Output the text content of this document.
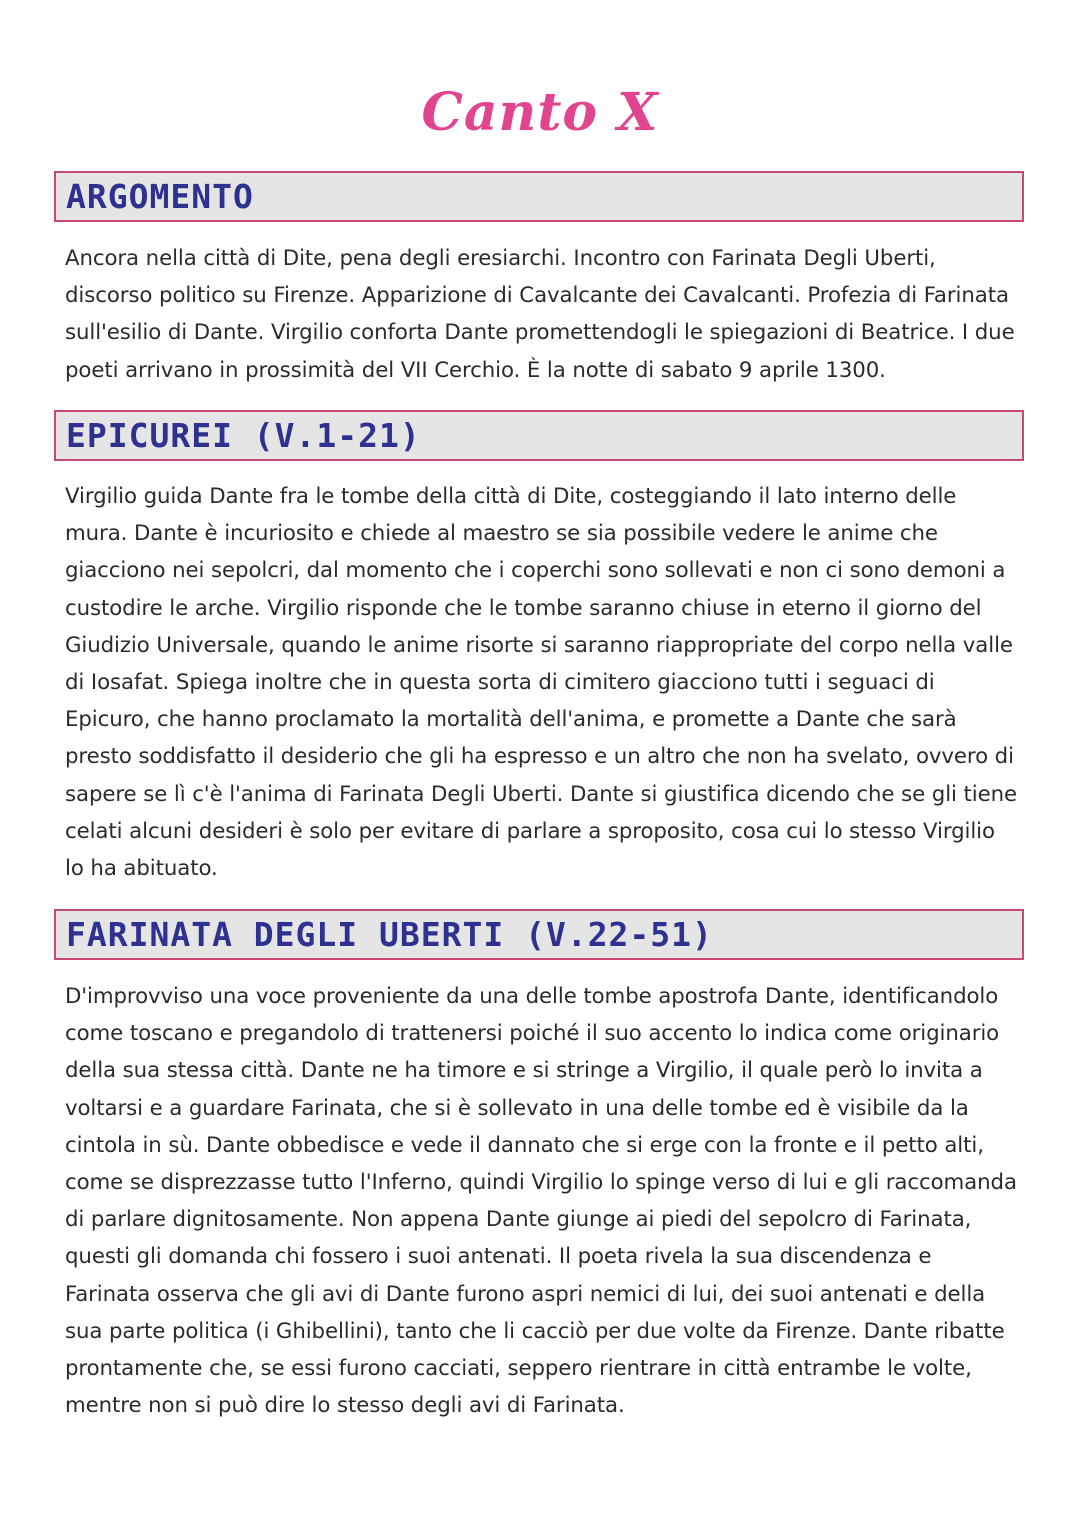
Canto X
ARGOMENTO

Ancora nella città di Dite, pena degli eresiarchi. Incontro con Farinata Degli Uberti, discorso politico su Firenze. Apparizione di Cavalcante dei Cavalcanti. Profezia di Farinata sull'esilio di Dante. Virgilio conforta Dante promettendogli le spiegazioni di Beatrice. I due poeti arrivano in prossimità del VII Cerchio. È la notte di sabato 9 aprile 1300.

EPICUREI (V.1-21)

Virgilio guida Dante fra le tombe della città di Dite, costeggiando il lato interno delle mura. Dante è incuriosito e chiede al maestro se sia possibile vedere le anime che giacciono nei sepolcri, dal momento che i coperchi sono sollevati e non ci sono demoni a custodire le arche. Virgilio risponde che le tombe saranno chiuse in eterno il giorno del Giudizio Universale, quando le anime risorte si saranno riappropriate del corpo nella valle di Iosafat. Spiega inoltre che in questa sorta di cimitero giacciono tutti i seguaci di Epicuro, che hanno proclamato la mortalità dell'anima, e promette a Dante che sarà presto soddisfatto il desiderio che gli ha espresso e un altro che non ha svelato, ovvero di sapere se lì c'è l'anima di Farinata Degli Uberti. Dante si giustifica dicendo che se gli tiene celati alcuni desideri è solo per evitare di parlare a sproposito, cosa cui lo stesso Virgilio lo ha abituato.

FARINATA DEGLI UBERTI (V.22-51)

D'improvviso una voce proveniente da una delle tombe apostrofa Dante, identificandolo come toscano e pregandolo di trattenersi poiché il suo accento lo indica come originario della sua stessa città. Dante ne ha timore e si stringe a Virgilio, il quale però lo invita a voltarsi e a guardare Farinata, che si è sollevato in una delle tombe ed è visibile da la cintola in sù. Dante obbedisce e vede il dannato che si erge con la fronte e il petto alti, come se disprezzasse tutto l'Inferno, quindi Virgilio lo spinge verso di lui e gli raccomanda di parlare dignitosamente. Non appena Dante giunge ai piedi del sepolcro di Farinata, questi gli domanda chi fossero i suoi antenati. Il poeta rivela la sua discendenza e Farinata osserva che gli avi di Dante furono aspri nemici di lui, dei suoi antenati e della sua parte politica (i Ghibellini), tanto che li cacciò per due volte da Firenze. Dante ribatte prontamente che, se essi furono cacciati, seppero rientrare in città entrambe le volte, mentre non si può dire lo stesso degli avi di Farinata.
